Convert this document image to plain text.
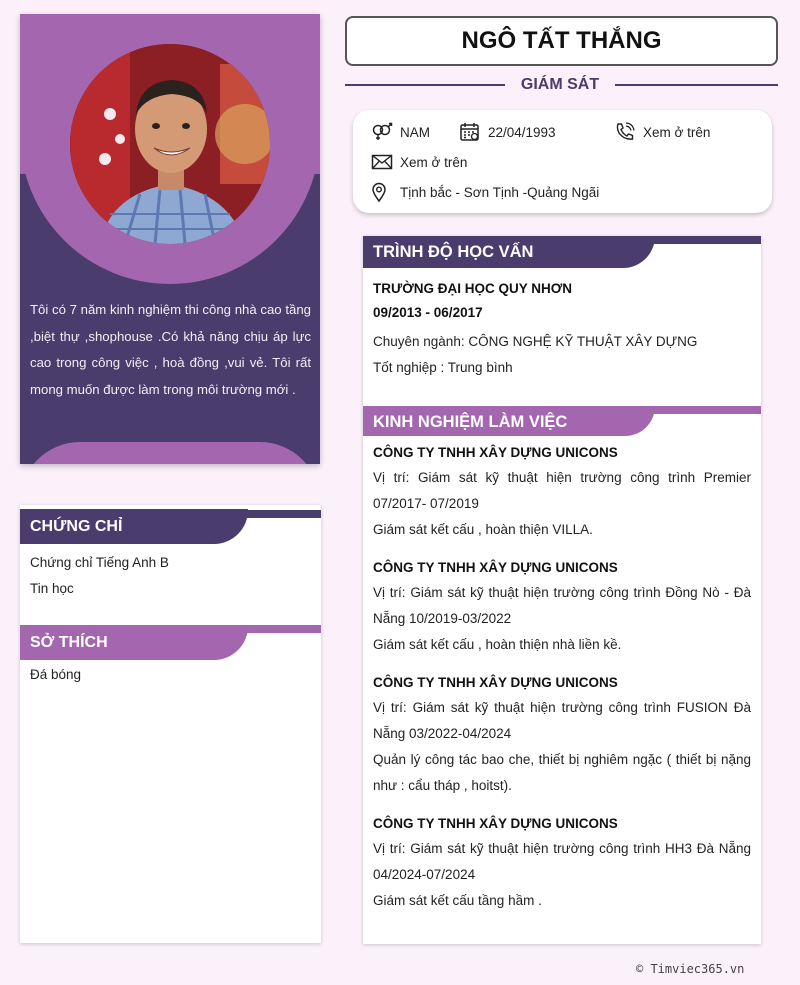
Tôi có 7 năm kinh nghiệm thi công nhà cao tầng ,biệt thự ,shophouse .Có khả năng chịu áp lực cao trong công việc , hoà đồng ,vui vẻ. Tôi rất mong muốn được làm trong môi trường mới .

CHỨNG CHỈ
Chứng chỉ Tiếng Anh B
Tin học
SỞ THÍCH
Đá bóng
NGÔ TẤT THẮNG
GIÁM SÁT
NAM	22/04/1993	Xem ở trên
Xem ở trên
Tịnh bắc - Sơn Tịnh -Quảng Ngãi
TRÌNH ĐỘ HỌC VẤN
TRƯỜNG ĐẠI HỌC QUY NHƠN
09/2013 - 06/2017
Chuyên ngành: CÔNG NGHỆ KỸ THUẬT XÂY DỰNG
Tốt nghiệp : Trung bình
KINH NGHIỆM LÀM VIỆC
CÔNG TY TNHH XÂY DỰNG UNICONS
Vị trí: Giám sát kỹ thuật hiện trường công trình Premier 07/2017- 07/2019
Giám sát kết cấu , hoàn thiện VILLA.
CÔNG TY TNHH XÂY DỰNG UNICONS
Vị trí: Giám sát kỹ thuật hiện trường công trình Đồng Nò - Đà Nẵng 10/2019-03/2022
Giám sát kết cấu , hoàn thiện nhà liền kề.
CÔNG TY TNHH XÂY DỰNG UNICONS
Vị trí: Giám sát kỹ thuật hiện trường công trình FUSION Đà Nẵng 03/2022-04/2024
Quản lý công tác bao che, thiết bị nghiêm ngặc ( thiết bị nặng như : cẩu tháp , hoitst).
CÔNG TY TNHH XÂY DỰNG UNICONS
Vị trí: Giám sát kỹ thuật hiện trường công trình HH3 Đà Nẵng 04/2024-07/2024
Giám sát kết cấu tầng hầm .
© Timviec365.vn
